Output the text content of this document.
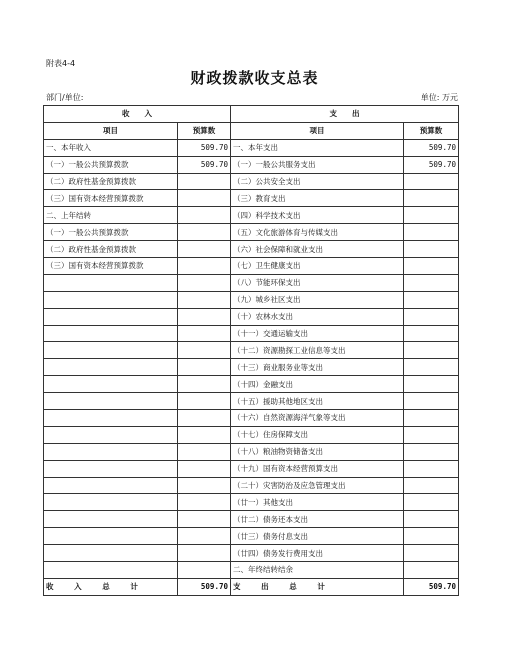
附表4-4
财政拨款收支总表
部门/单位:	单位: 万元
收　　入		支　　出	
项目	预算数	项目	预算数
一、本年收入	509.70	一、本年支出	509.70
（一）一般公共预算拨款	509.70	（一）一般公共服务支出	509.70
（二）政府性基金预算拨款		（二）公共安全支出	
（三）国有资本经营预算拨款		（三）教育支出	
二、上年结转		（四）科学技术支出	
（一）一般公共预算拨款		（五）文化旅游体育与传媒支出	
（二）政府性基金预算拨款		（六）社会保障和就业支出	
（三）国有资本经营预算拨款		（七）卫生健康支出	
		（八）节能环保支出	
		（九）城乡社区支出	
		（十）农林水支出	
		（十一）交通运输支出	
		（十二）资源勘探工业信息等支出	
		（十三）商业服务业等支出	
		（十四）金融支出	
		（十五）援助其他地区支出	
		（十六）自然资源海洋气象等支出	
		（十七）住房保障支出	
		（十八）粮油物资储备支出	
		（十九）国有资本经营预算支出	
		（二十）灾害防治及应急管理支出	
		（廿一）其他支出	
		（廿二）债务还本支出	
		（廿三）债务付息支出	
		（廿四）债务发行费用支出	
		二、年终结转结余	
收 入 总 计	509.70	支 出 总 计	509.70
